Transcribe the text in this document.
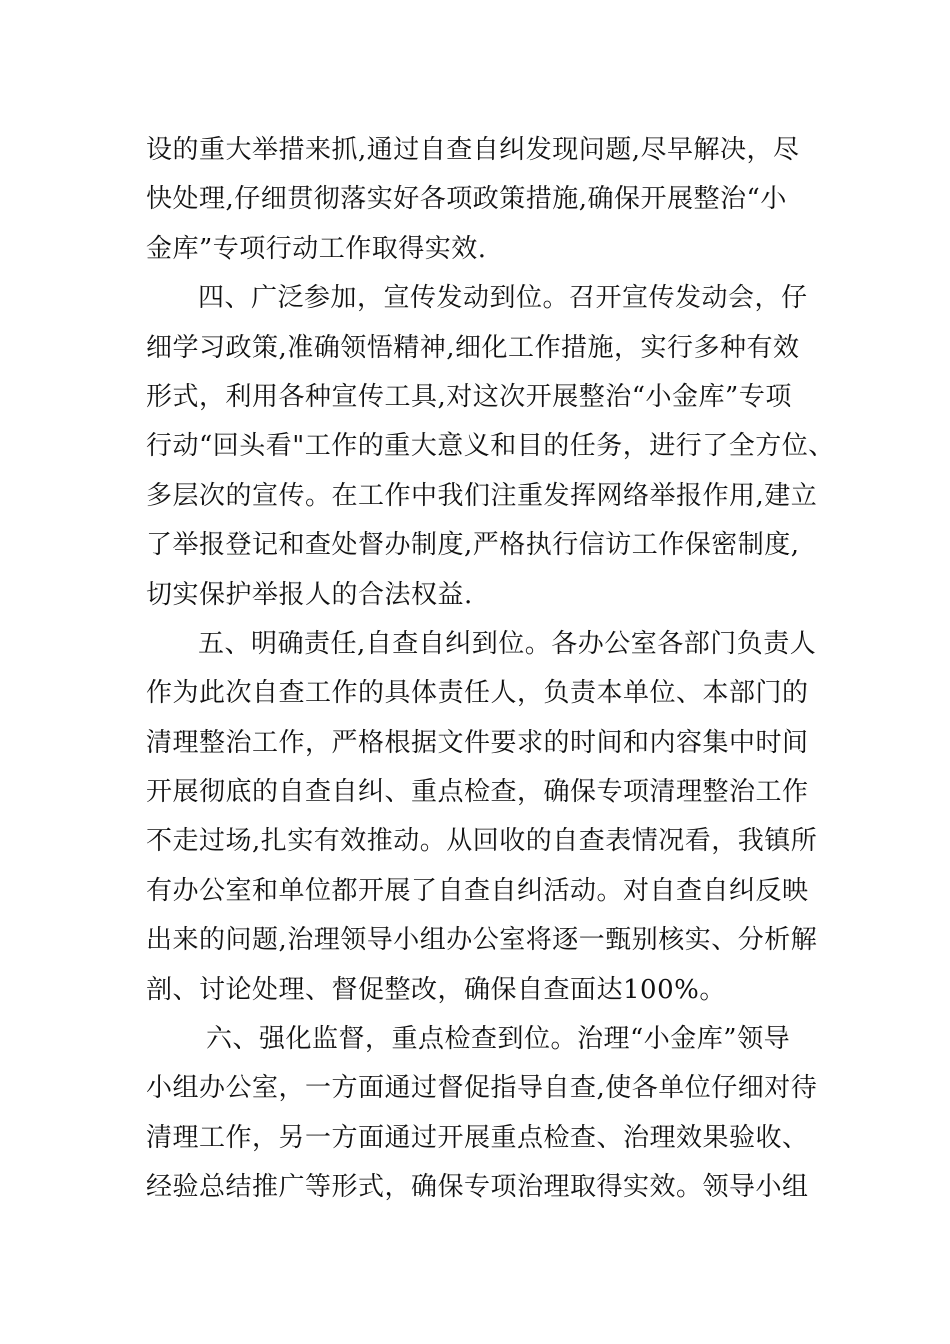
设的重大举措来抓,通过自查自纠发现问题,尽早解决，尽
快处理,仔细贯彻落实好各项政策措施,确保开展整治“小
金库”专项行动工作取得实效.
四、广泛参加，宣传发动到位。召开宣传发动会，仔
细学习政策,准确领悟精神,细化工作措施，实行多种有效
形式，利用各种宣传工具,对这次开展整治“小金库”专项
行动“回头看"工作的重大意义和目的任务，进行了全方位、
多层次的宣传。在工作中我们注重发挥网络举报作用,建立
了举报登记和查处督办制度,严格执行信访工作保密制度,
切实保护举报人的合法权益.
五、明确责任,自查自纠到位。各办公室各部门负责人
作为此次自查工作的具体责任人，负责本单位、本部门的
清理整治工作，严格根据文件要求的时间和内容集中时间
开展彻底的自查自纠、重点检查，确保专项清理整治工作
不走过场,扎实有效推动。从回收的自查表情况看，我镇所
有办公室和单位都开展了自查自纠活动。对自查自纠反映
出来的问题,治理领导小组办公室将逐一甄别核实、分析解
剖、讨论处理、督促整改，确保自查面达100%。
六、强化监督，重点检查到位。治理“小金库”领导
小组办公室，一方面通过督促指导自查,使各单位仔细对待
清理工作，另一方面通过开展重点检查、治理效果验收、
经验总结推广等形式，确保专项治理取得实效。领导小组
